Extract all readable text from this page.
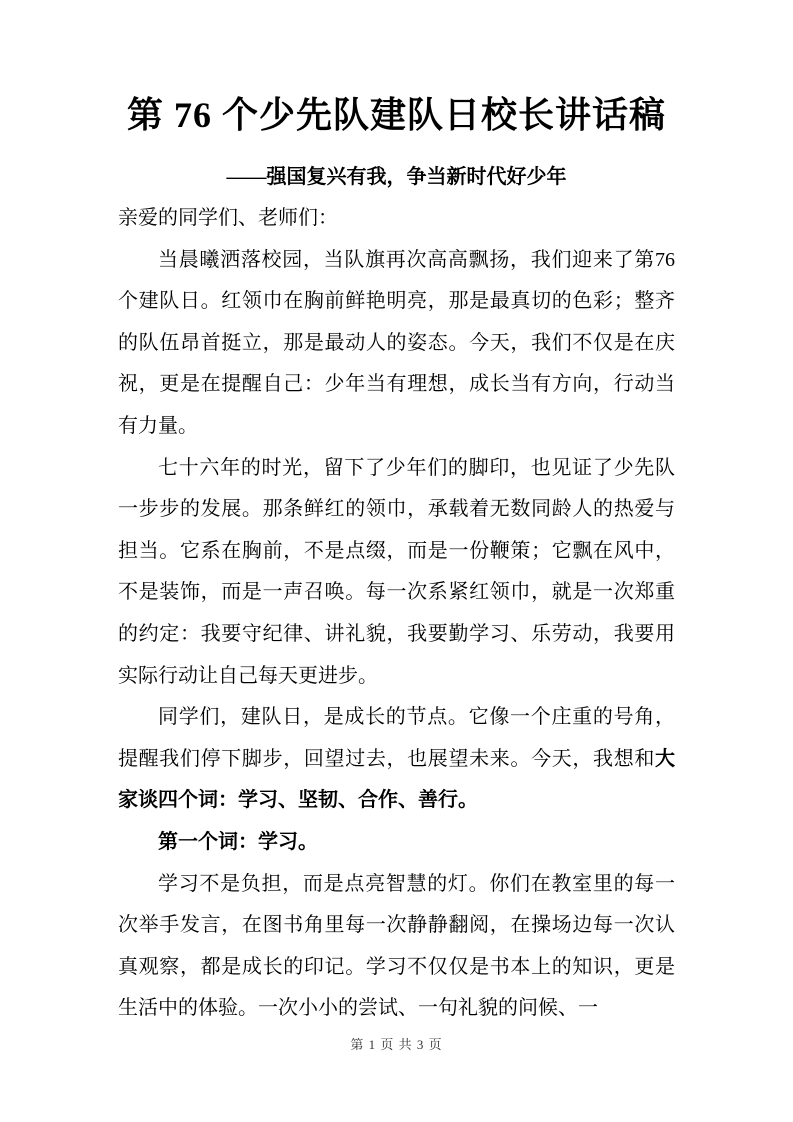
第 76 个少先队建队日校长讲话稿
——强国复兴有我，争当新时代好少年

亲爱的同学们、老师们：

当晨曦洒落校园，当队旗再次高高飘扬，我们迎来了第76 个建队日。红领巾在胸前鲜艳明亮，那是最真切的色彩；整齐的队伍昂首挺立，那是最动人的姿态。今天，我们不仅是在庆祝，更是在提醒自己：少年当有理想，成长当有方向，行动当有力量。

七十六年的时光，留下了少年们的脚印，也见证了少先队一步步的发展。那条鲜红的领巾，承载着无数同龄人的热爱与担当。它系在胸前，不是点缀，而是一份鞭策；它飘在风中，不是装饰，而是一声召唤。每一次系紧红领巾，就是一次郑重的约定：我要守纪律、讲礼貌，我要勤学习、乐劳动，我要用实际行动让自己每天更进步。

同学们，建队日，是成长的节点。它像一个庄重的号角，提醒我们停下脚步，回望过去，也展望未来。今天，我想和大家谈四个词：学习、坚韧、合作、善行。

第一个词：学习。

学习不是负担，而是点亮智慧的灯。你们在教室里的每一次举手发言，在图书角里每一次静静翻阅，在操场边每一次认真观察，都是成长的印记。学习不仅仅是书本上的知识，更是生活中的体验。一次小小的尝试、一句礼貌的问候、一

第 1 页 共 3 页
